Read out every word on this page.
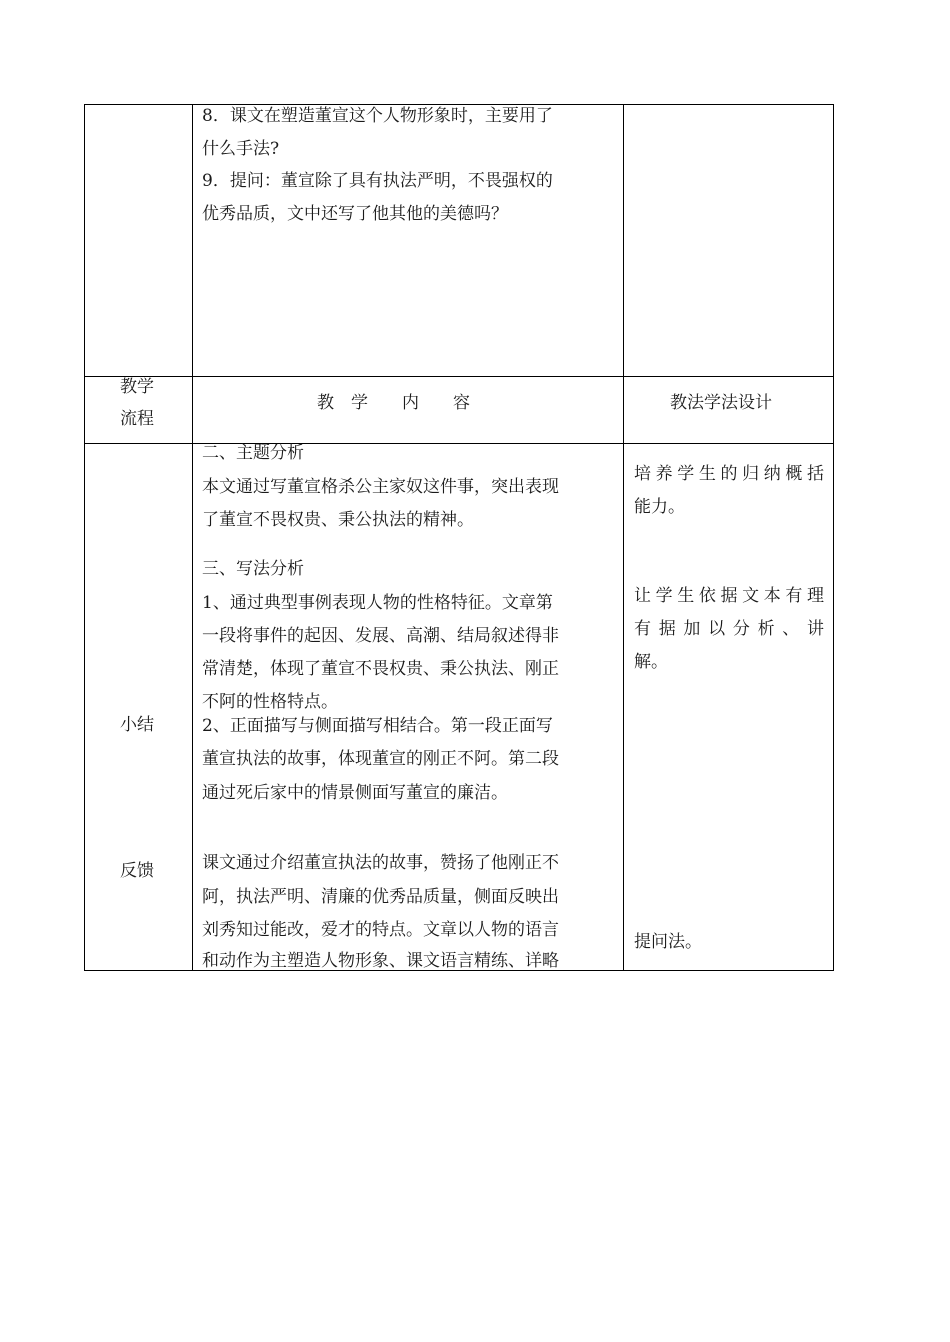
8．课文在塑造董宣这个人物形象时，主要用了

什么手法?

9．提问：董宣除了具有执法严明，不畏强权的

优秀品质，文中还写了他其他的美德吗？

教学

流程

教　学　　内　　容	教法学法设计

小结

反馈

二、主题分析

本文通过写董宣格杀公主家奴这件事，突出表现

了董宣不畏权贵、秉公执法的精神。

三、写法分析

1、通过典型事例表现人物的性格特征。文章第

一段将事件的起因、发展、高潮、结局叙述得非

常清楚，体现了董宣不畏权贵、秉公执法、刚正

不阿的性格特点。

2、正面描写与侧面描写相结合。第一段正面写

董宣执法的故事，体现董宣的刚正不阿。第二段

通过死后家中的情景侧面写董宣的廉洁。

课文通过介绍董宣执法的故事，赞扬了他刚正不

阿，执法严明、清廉的优秀品质量，侧面反映出

刘秀知过能改，爱才的特点。文章以人物的语言

和动作为主塑造人物形象、课文语言精练、详略

培养学生的归纳概括

能力。

让学生依据文本有理

有据加以分析、讲

解。

提问法。
